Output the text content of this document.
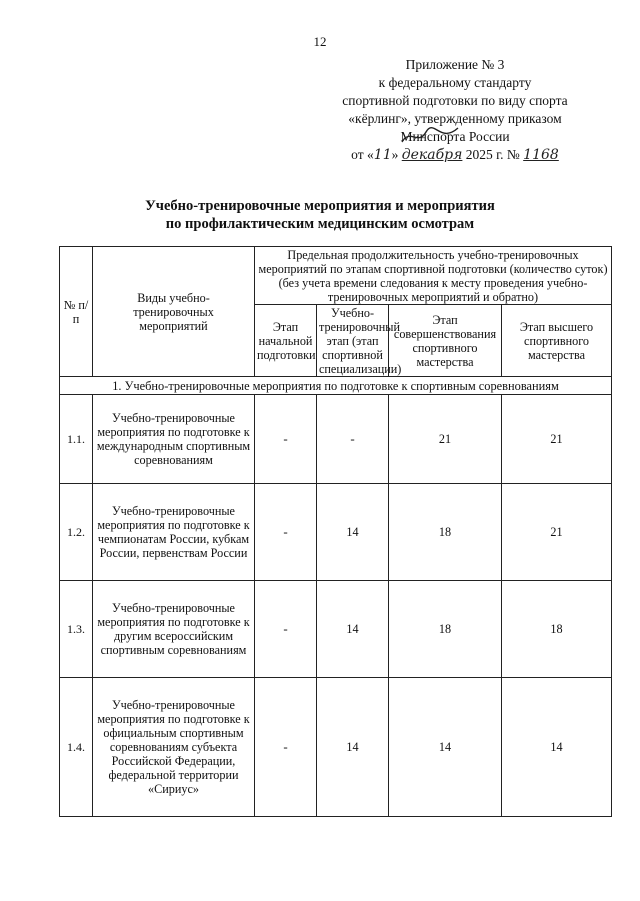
12
Приложение № 3
к федеральному стандарту
спортивной подготовки по виду спорта
«кёрлинг», утвержденному приказом
Минспорта России
от «11» декабря 2025 г. № 1168
Учебно-тренировочные мероприятия и мероприятия
по профилактическим медицинским осмотрам
№ п/п	Виды учебно-тренировочных мероприятий	Предельная продолжительность учебно-тренировочных мероприятий по этапам спортивной подготовки (количество суток) (без учета времени следования к месту проведения учебно-тренировочных мероприятий и обратно)			
		Этап начальной подготовки	Учебно-тренировочный этап (этап спортивной специализации)	Этап совершенствования спортивного мастерства	Этап высшего спортивного мастерства
1. Учебно-тренировочные мероприятия по подготовке к спортивным соревнованиям					
1.1.	Учебно-тренировочные мероприятия по подготовке к международным спортивным соревнованиям	-	-	21	21
1.2.	Учебно-тренировочные мероприятия по подготовке к чемпионатам России, кубкам России, первенствам России	-	14	18	21
1.3.	Учебно-тренировочные мероприятия по подготовке к другим всероссийским спортивным соревнованиям	-	14	18	18
1.4.	Учебно-тренировочные мероприятия по подготовке к официальным спортивным соревнованиям субъекта Российской Федерации, федеральной территории «Сириус»	-	14	14	14
